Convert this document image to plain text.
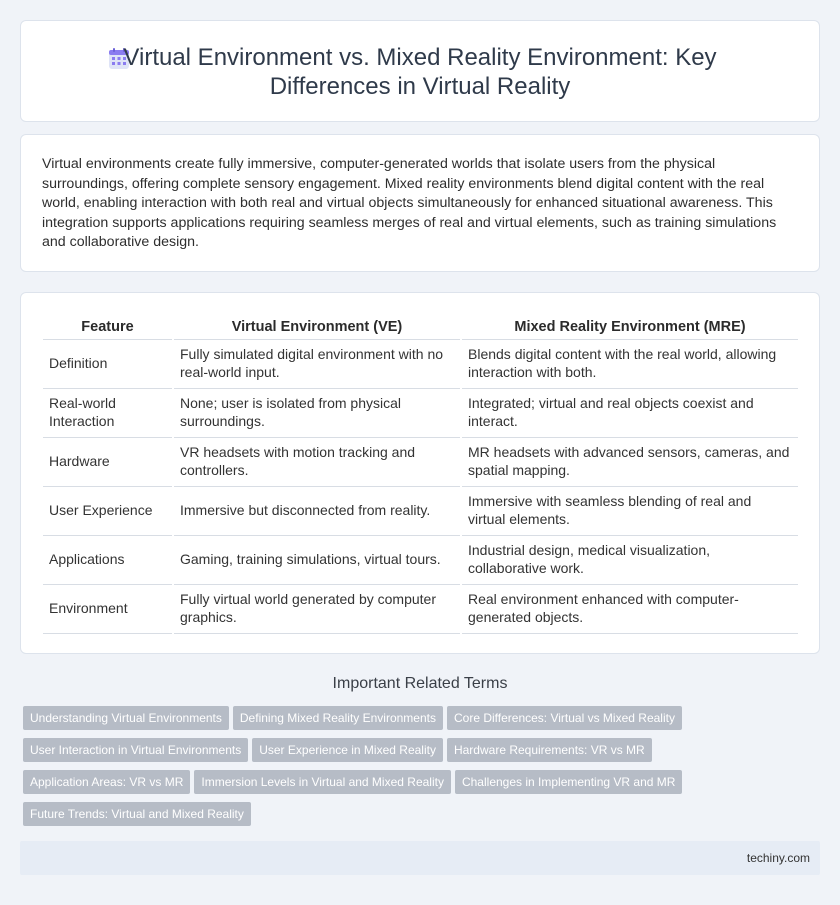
Virtual Environment vs. Mixed Reality Environment: Key Differences in Virtual Reality

Virtual environments create fully immersive, computer-generated worlds that isolate users from the physical surroundings, offering complete sensory engagement. Mixed reality environments blend digital content with the real world, enabling interaction with both real and virtual objects simultaneously for enhanced situational awareness. This integration supports applications requiring seamless merges of real and virtual elements, such as training simulations and collaborative design.

Feature	Virtual Environment (VE)	Mixed Reality Environment (MRE)
Definition	Fully simulated digital environment with no real-world input.	Blends digital content with the real world, allowing interaction with both.
Real-world Interaction	None; user is isolated from physical surroundings.	Integrated; virtual and real objects coexist and interact.
Hardware	VR headsets with motion tracking and controllers.	MR headsets with advanced sensors, cameras, and spatial mapping.
User Experience	Immersive but disconnected from reality.	Immersive with seamless blending of real and virtual elements.
Applications	Gaming, training simulations, virtual tours.	Industrial design, medical visualization, collaborative work.
Environment	Fully virtual world generated by computer graphics.	Real environment enhanced with computer-generated objects.
Important Related Terms
Understanding Virtual Environments Defining Mixed Reality Environments Core Differences: Virtual vs Mixed Reality User Interaction in Virtual Environments User Experience in Mixed Reality Hardware Requirements: VR vs MR Application Areas: VR vs MR Immersion Levels in Virtual and Mixed Reality Challenges in Implementing VR and MR Future Trends: Virtual and Mixed Reality
techiny.com
